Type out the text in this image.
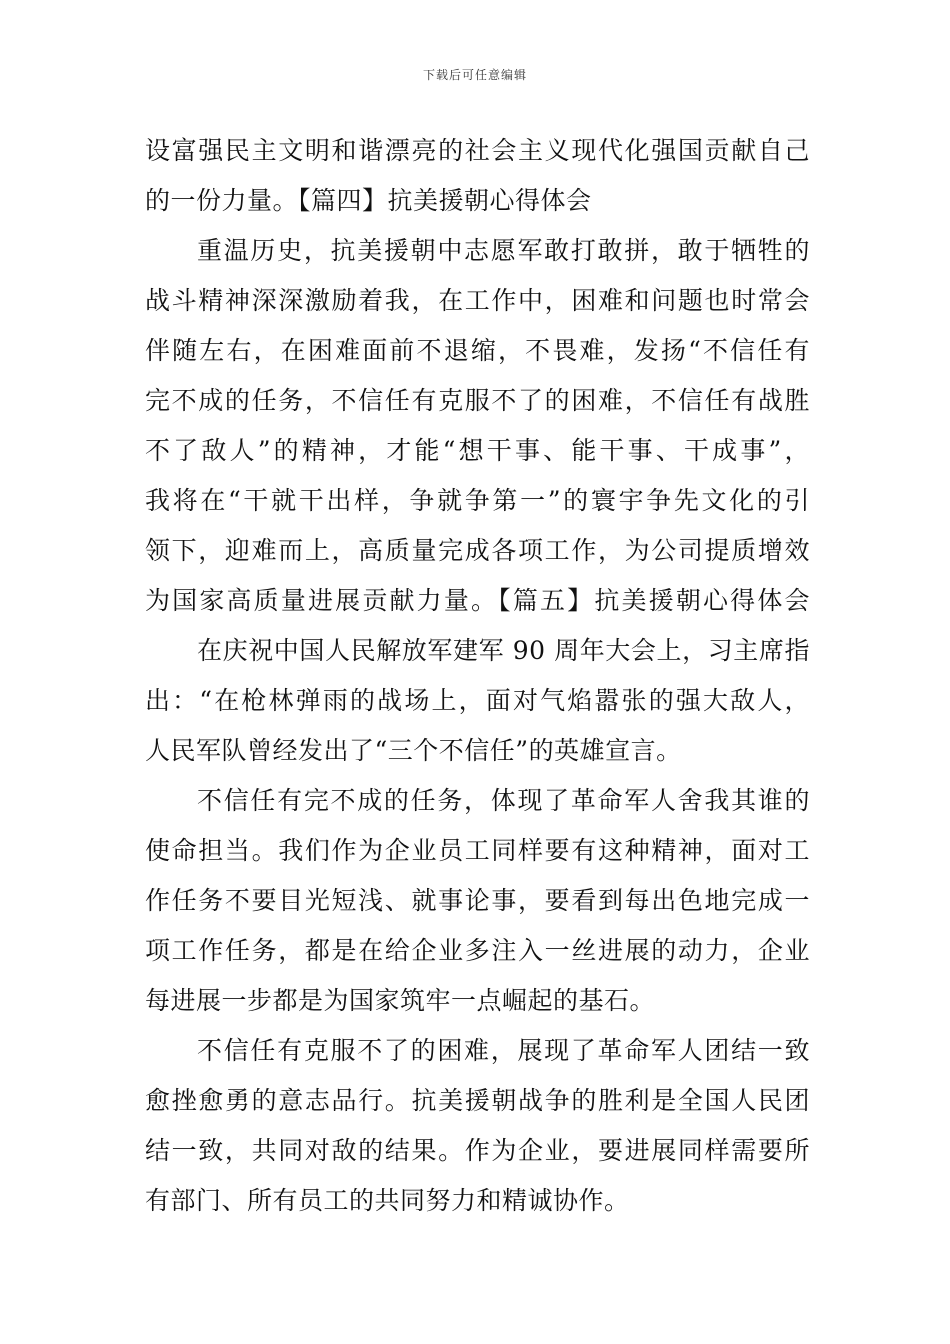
下载后可任意编辑
设富强民主文明和谐漂亮的社会主义现代化强国贡献自己
的一份力量。【篇四】抗美援朝心得体会
重温历史，抗美援朝中志愿军敢打敢拼，敢于牺牲的
战斗精神深深激励着我，在工作中，困难和问题也时常会
伴随左右，在困难面前不退缩，不畏难，发扬“不信任有
完不成的任务，不信任有克服不了的困难，不信任有战胜
不了敌人”的精神，才能“想干事、能干事、干成事”，
我将在“干就干出样，争就争第一”的寰宇争先文化的引
领下，迎难而上，高质量完成各项工作，为公司提质增效
为国家高质量进展贡献力量。【篇五】抗美援朝心得体会
在庆祝中国人民解放军建军 90 周年大会上，习主席指
出：“在枪林弹雨的战场上，面对气焰嚣张的强大敌人，
人民军队曾经发出了“三个不信任”的英雄宣言。
不信任有完不成的任务，体现了革命军人舍我其谁的
使命担当。我们作为企业员工同样要有这种精神，面对工
作任务不要目光短浅、就事论事，要看到每出色地完成一
项工作任务，都是在给企业多注入一丝进展的动力，企业
每进展一步都是为国家筑牢一点崛起的基石。
不信任有克服不了的困难，展现了革命军人团结一致
愈挫愈勇的意志品行。抗美援朝战争的胜利是全国人民团
结一致，共同对敌的结果。作为企业，要进展同样需要所
有部门、所有员工的共同努力和精诚协作。
